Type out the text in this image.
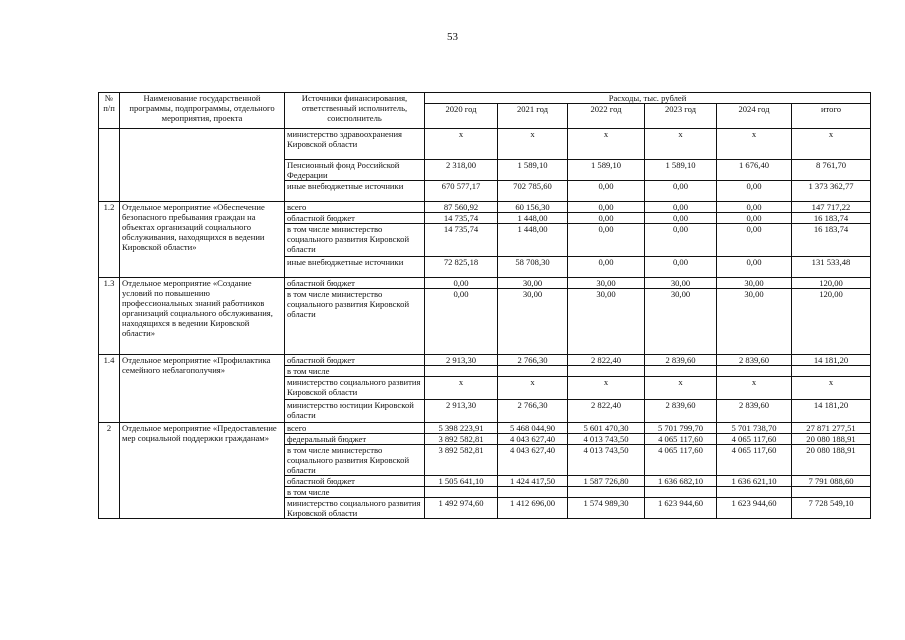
53
№ п/п	Наименование государственной программы, подпрограммы, отдельного мероприятия, проекта	Источники финансирования, ответственный исполнитель, соисполнитель	Расходы, тыс. рублей					
			2020 год	2021 год	2022 год	2023 год	2024 год	итого
		министерство здравоохранения Кировской области	х	х	х	х	х	х
		Пенсионный фонд Российской Федерации	2 318,00	1 589,10	1 589,10	1 589,10	1 676,40	8 761,70
		иные внебюджетные источники	670 577,17	702 785,60	0,00	0,00	0,00	1 373 362,77
1.2	Отдельное мероприятие «Обеспечение безопасного пребывания граждан на объектах организаций социального обслуживания, находящихся в ведении Кировской области»	всего	87 560,92	60 156,30	0,00	0,00	0,00	147 717,22
		областной бюджет	14 735,74	1 448,00	0,00	0,00	0,00	16 183,74
		в том числе министерство социального развития Кировской области	14 735,74	1 448,00	0,00	0,00	0,00	16 183,74
		иные внебюджетные источники	72 825,18	58 708,30	0,00	0,00	0,00	131 533,48
1.3	Отдельное мероприятие «Создание условий по повышению профессиональных знаний работников организаций социального обслуживания, находящихся в ведении Кировской области»	областной бюджет	0,00	30,00	30,00	30,00	30,00	120,00
		в том числе министерство социального развития Кировской области	0,00	30,00	30,00	30,00	30,00	120,00
1.4	Отдельное мероприятие «Профилактика семейного неблагополучия»	областной бюджет	2 913,30	2 766,30	2 822,40	2 839,60	2 839,60	14 181,20
		в том числе						
		министерство социального развития Кировской области	х	х	х	х	х	х
		министерство юстиции Кировской области	2 913,30	2 766,30	2 822,40	2 839,60	2 839,60	14 181,20
2	Отдельное мероприятие «Предоставление мер социальной поддержки гражданам»	всего	5 398 223,91	5 468 044,90	5 601 470,30	5 701 799,70	5 701 738,70	27 871 277,51
		федеральный бюджет	3 892 582,81	4 043 627,40	4 013 743,50	4 065 117,60	4 065 117,60	20 080 188,91
		в том числе министерство социального развития Кировской области	3 892 582,81	4 043 627,40	4 013 743,50	4 065 117,60	4 065 117,60	20 080 188,91
		областной бюджет	1 505 641,10	1 424 417,50	1 587 726,80	1 636 682,10	1 636 621,10	7 791 088,60
		в том числе						
		министерство социального развития Кировской области	1 492 974,60	1 412 696,00	1 574 989,30	1 623 944,60	1 623 944,60	7 728 549,10
